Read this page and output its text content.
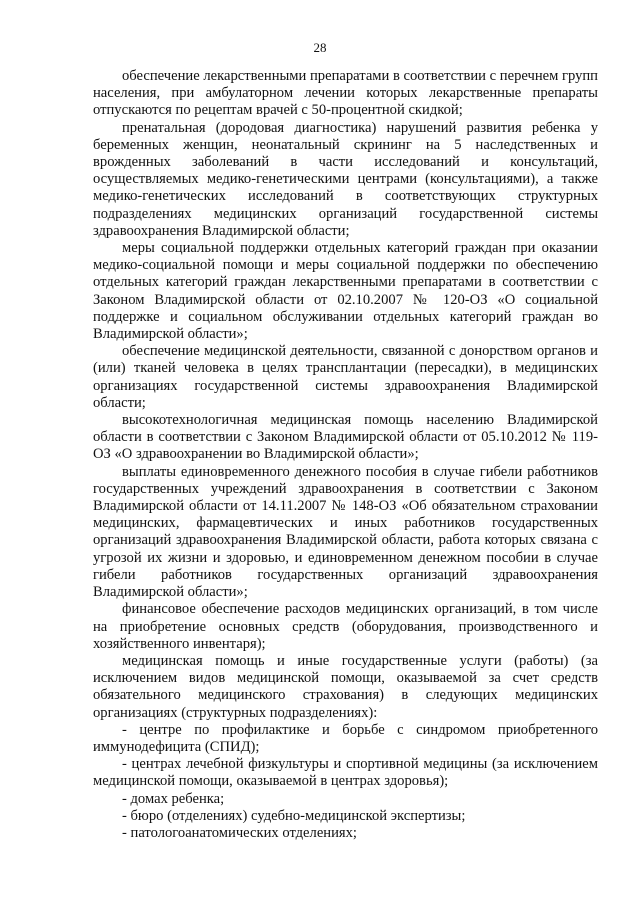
28

обеспечение лекарственными препаратами в соответствии с перечнем групп населения, при амбулаторном лечении которых лекарственные препараты отпускаются по рецептам врачей с 50-процентной скидкой;

пренатальная (дородовая диагностика) нарушений развития ребенка у беременных женщин, неонатальный скрининг на 5 наследственных и врожденных заболеваний в части исследований и консультаций, осуществляемых медико-генетическими центрами (консультациями), а также медико-генетических исследований в соответствующих структурных подразделениях медицинских организаций государственной системы здравоохранения Владимирской области;

меры социальной поддержки отдельных категорий граждан при оказании медико-социальной помощи и меры социальной поддержки по обеспечению отдельных категорий граждан лекарственными препаратами в соответствии с Законом Владимирской области от 02.10.2007 № 120-ОЗ «О социальной поддержке и социальном обслуживании отдельных категорий граждан во Владимирской области»;

обеспечение медицинской деятельности, связанной с донорством органов и (или) тканей человека в целях трансплантации (пересадки), в медицинских организациях государственной системы здравоохранения Владимирской области;

высокотехнологичная медицинская помощь населению Владимирской области в соответствии с Законом Владимирской области от 05.10.2012 № 119-ОЗ «О здравоохранении во Владимирской области»;

выплаты единовременного денежного пособия в случае гибели работников государственных учреждений здравоохранения в соответствии с Законом Владимирской области от 14.11.2007 № 148-ОЗ «Об обязательном страховании медицинских, фармацевтических и иных работников государственных организаций здравоохранения Владимирской области, работа которых связана с угрозой их жизни и здоровью, и единовременном денежном пособии в случае гибели работников государственных организаций здравоохранения Владимирской области»;

финансовое обеспечение расходов медицинских организаций, в том числе на приобретение основных средств (оборудования, производственного и хозяйственного инвентаря);

медицинская помощь и иные государственные услуги (работы) (за исключением видов медицинской помощи, оказываемой за счет средств обязательного медицинского страхования) в следующих медицинских организациях (структурных подразделениях):

- центре по профилактике и борьбе с синдромом приобретенного иммунодефицита (СПИД);

- центрах лечебной физкультуры и спортивной медицины (за исключением медицинской помощи, оказываемой в центрах здоровья);

- домах ребенка;

- бюро (отделениях) судебно-медицинской экспертизы;

- патологоанатомических отделениях;
